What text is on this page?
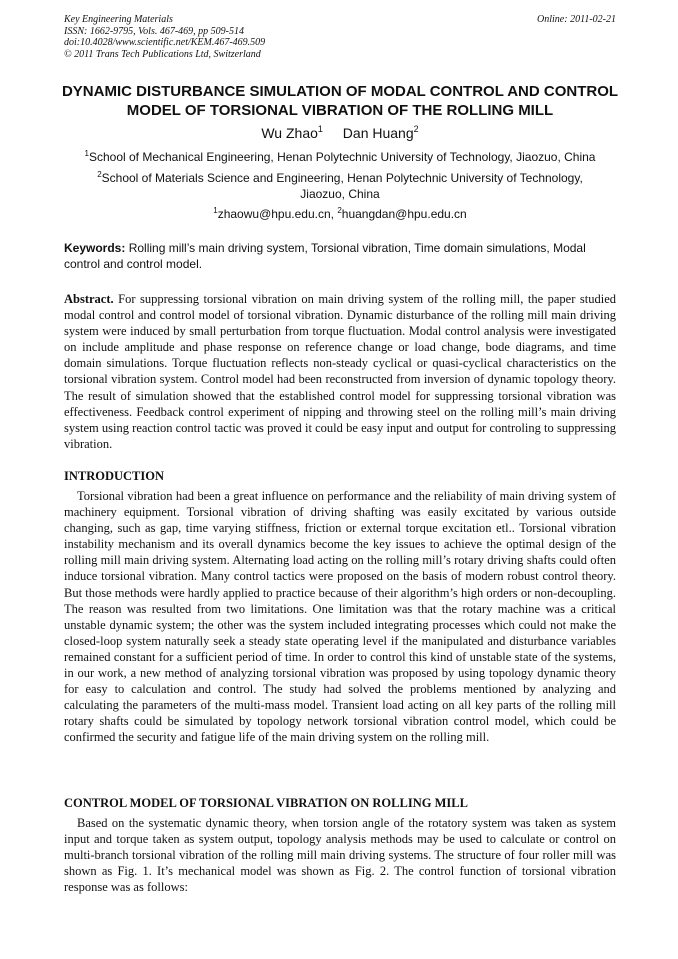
Key Engineering Materials
ISSN: 1662-9795, Vols. 467-469, pp 509-514
doi:10.4028/www.scientific.net/KEM.467-469.509
© 2011 Trans Tech Publications Ltd, Switzerland
Online: 2011-02-21
DYNAMIC DISTURBANCE SIMULATION OF MODAL CONTROL AND CONTROL MODEL OF TORSIONAL VIBRATION OF THE ROLLING MILL
Wu Zhao$^1$ Dan Huang$^2$
$^1$School of Mechanical Engineering, Henan Polytechnic University of Technology, Jiaozuo, China
$^2$School of Materials Science and Engineering, Henan Polytechnic University of Technology, Jiaozuo, China
$^1$zhaowu@hpu.edu.cn, $^2$huangdan@hpu.edu.cn
Keywords: Rolling mill’s main driving system, Torsional vibration, Time domain simulations, Modal control and control model.
Abstract. For suppressing torsional vibration on main driving system of the rolling mill, the paper studied modal control and control model of torsional vibration. Dynamic disturbance of the rolling mill main driving system were induced by small perturbation from torque fluctuation. Modal control analysis were investigated on include amplitude and phase response on reference change or load change, bode diagrams, and time domain simulations. Torque fluctuation reflects non-steady cyclical or quasi-cyclical characteristics on the torsional vibration system. Control model had been reconstructed from inversion of dynamic topology theory. The result of simulation showed that the established control model for suppressing torsional vibration was effectiveness. Feedback control experiment of nipping and throwing steel on the rolling mill’s main driving system using reaction control tactic was proved it could be easy input and output for controling to suppressing vibration.
INTRODUCTION
Torsional vibration had been a great influence on performance and the reliability of main driving system of machinery equipment. Torsional vibration of driving shafting was easily excitated by various outside changing, such as gap, time varying stiffness, friction or external torque excitation etl.. Torsional vibration instability mechanism and its overall dynamics become the key issues to achieve the optimal design of the rolling mill main driving system. Alternating load acting on the rolling mill’s rotary driving shafts could often induce torsional vibration. Many control tactics were proposed on the basis of modern robust control theory. But those methods were hardly applied to practice because of their algorithm’s high orders or non-decoupling. The reason was resulted from two limitations. One limitation was that the rotary machine was a critical unstable dynamic system; the other was the system included integrating processes which could not make the closed-loop system naturally seek a steady state operating level if the manipulated and disturbance variables remained constant for a sufficient period of time. In order to control this kind of unstable state of the systems, in our work, a new method of analyzing torsional vibration was proposed by using topology dynamic theory for easy to calculation and control. The study had solved the problems mentioned by analyzing and calculating the parameters of the multi-mass model. Transient load acting on all key parts of the rolling mill rotary shafts could be simulated by topology network torsional vibration control model, which could be confirmed the security and fatigue life of the main driving system on the rolling mill.
CONTROL MODEL OF TORSIONAL VIBRATION ON ROLLING MILL
Based on the systematic dynamic theory, when torsion angle of the rotatory system was taken as system input and torque taken as system output, topology analysis methods may be used to calculate or control on multi-branch torsional vibration of the rolling mill main driving systems. The structure of four roller mill was shown as Fig. 1. It’s mechanical model was shown as Fig. 2. The control function of torsional vibration response was as follows:
